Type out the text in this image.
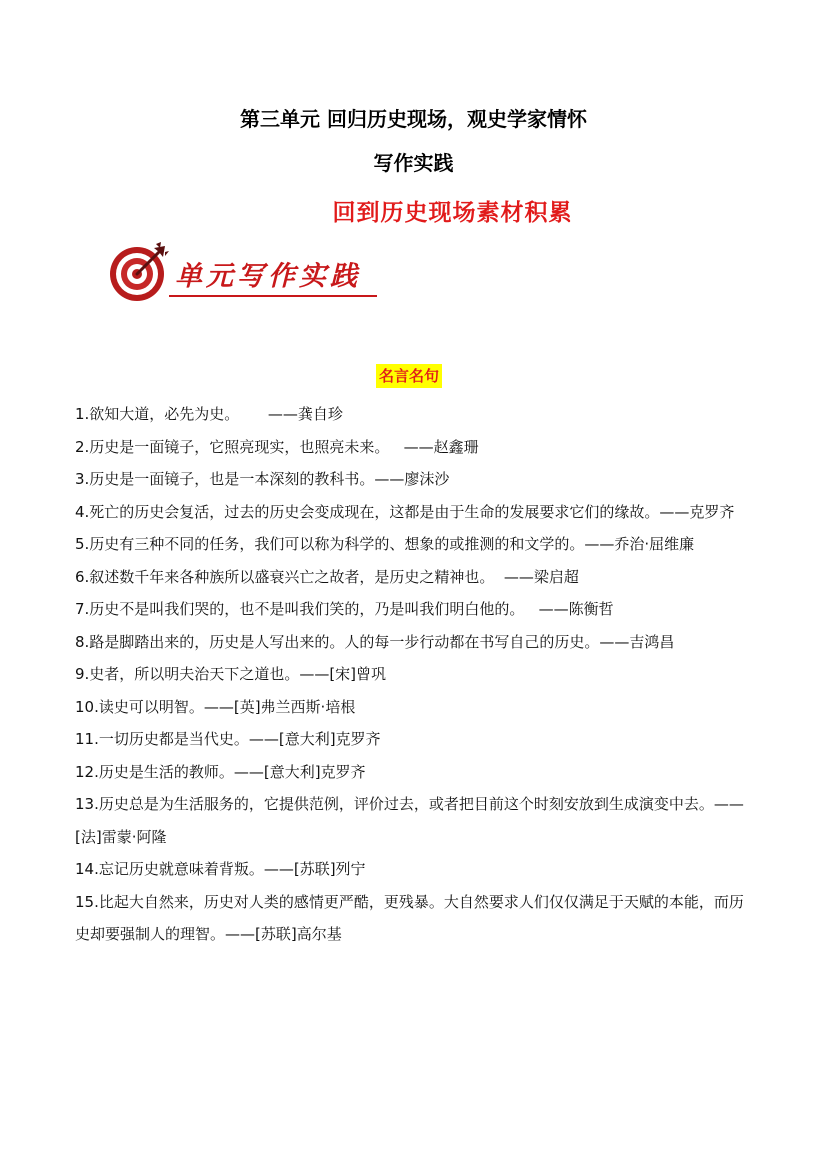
第三单元 回归历史现场，观史学家情怀
写作实践
回到历史现场素材积累
单元写作实践
名言名句
1.欲知大道，必先为史。      ——龚自珍
2.历史是一面镜子，它照亮现实，也照亮未来。   ——赵鑫珊
3.历史是一面镜子，也是一本深刻的教科书。——廖沫沙
4.死亡的历史会复活，过去的历史会变成现在，这都是由于生命的发展要求它们的缘故。——克罗齐
5.历史有三种不同的任务，我们可以称为科学的、想象的或推测的和文学的。——乔治·屈维廉
6.叙述数千年来各种族所以盛衰兴亡之故者，是历史之精神也。  ——梁启超
7.历史不是叫我们哭的，也不是叫我们笑的，乃是叫我们明白他的。   ——陈衡哲
8.路是脚踏出来的，历史是人写出来的。人的每一步行动都在书写自己的历史。——吉鸿昌
9.史者，所以明夫治天下之道也。——[宋]曾巩
10.读史可以明智。——[英]弗兰西斯·培根
11.一切历史都是当代史。——[意大利]克罗齐
12.历史是生活的教师。——[意大利]克罗齐
13.历史总是为生活服务的，它提供范例，评价过去，或者把目前这个时刻安放到生成演变中去。——[法]雷蒙·阿隆
14.忘记历史就意味着背叛。——[苏联]列宁
15.比起大自然来，历史对人类的感情更严酷，更残暴。大自然要求人们仅仅满足于天赋的本能，而历史却要强制人的理智。——[苏联]高尔基
